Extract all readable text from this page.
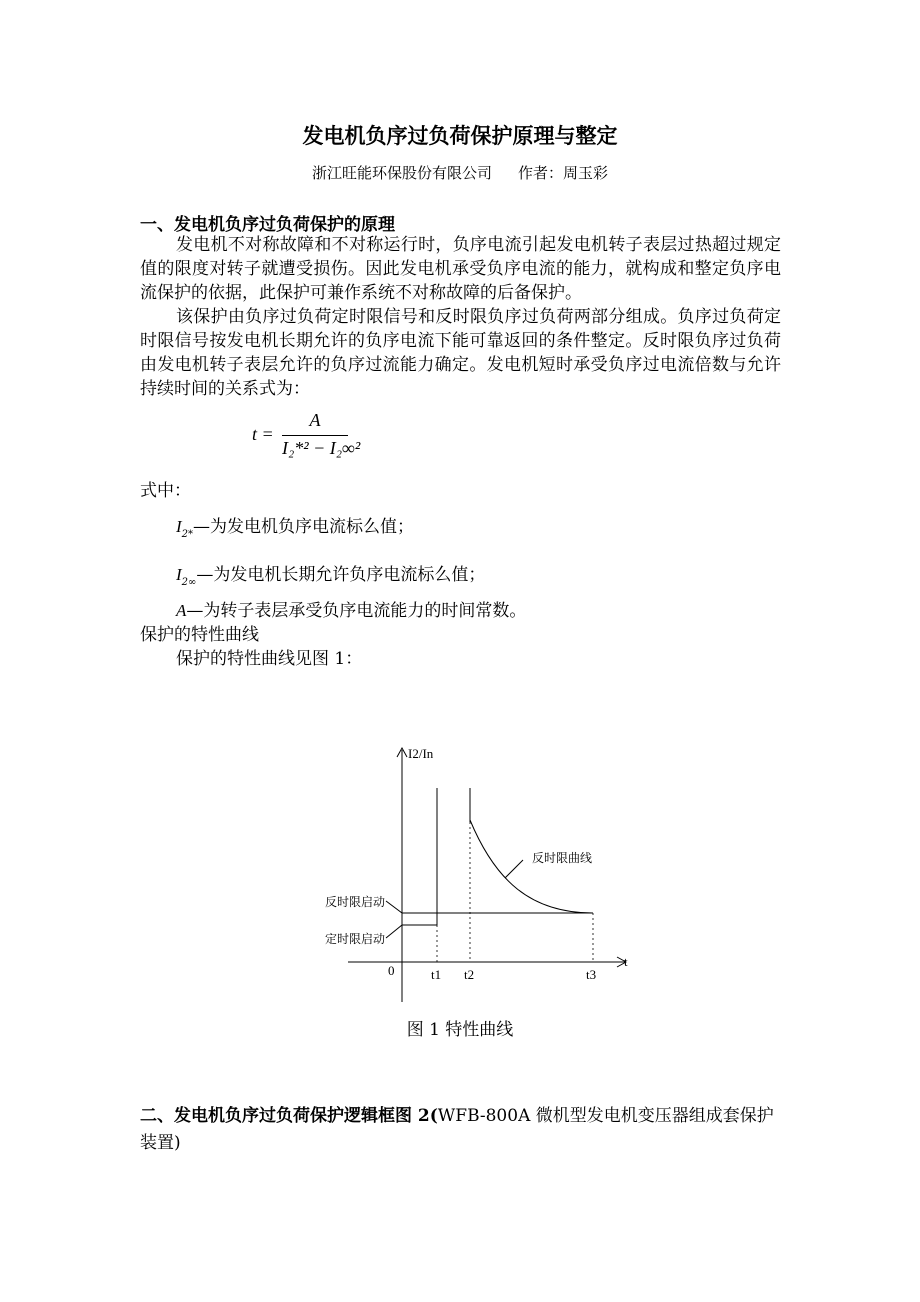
发电机负序过负荷保护原理与整定
浙江旺能环保股份有限公司 作者：周玉彩
一、发电机负序过负荷保护的原理
发电机不对称故障和不对称运行时，负序电流引起发电机转子表层过热超过规定值的限度对转子就遭受损伤。因此发电机承受负序电流的能力，就构成和整定负序电流保护的依据，此保护可兼作系统不对称故障的后备保护。
该保护由负序过负荷定时限信号和反时限负序过负荷两部分组成。负序过负荷定时限信号按发电机长期允许的负序电流下能可靠返回的条件整定。反时限负序过负荷由发电机转子表层允许的负序过流能力确定。发电机短时承受负序过电流倍数与允许持续时间的关系式为：
t =
A
I₂*² − I₂∞²
式中：
$I_{2*}—$为发电机负序电流标么值；
$I_{2\infty}—$为发电机长期允许负序电流标么值；
A—为转子表层承受负序电流能力的时间常数。
保护的特性曲线
保护的特性曲线见图 1：
I2/In
t
0	t1 t2	t3
反时限启动
定时限启动
反时限曲线
图 1 特性曲线
二、发电机负序过负荷保护逻辑框图 2(WFB-800A 微机型发电机变压器组成套保护装置)
